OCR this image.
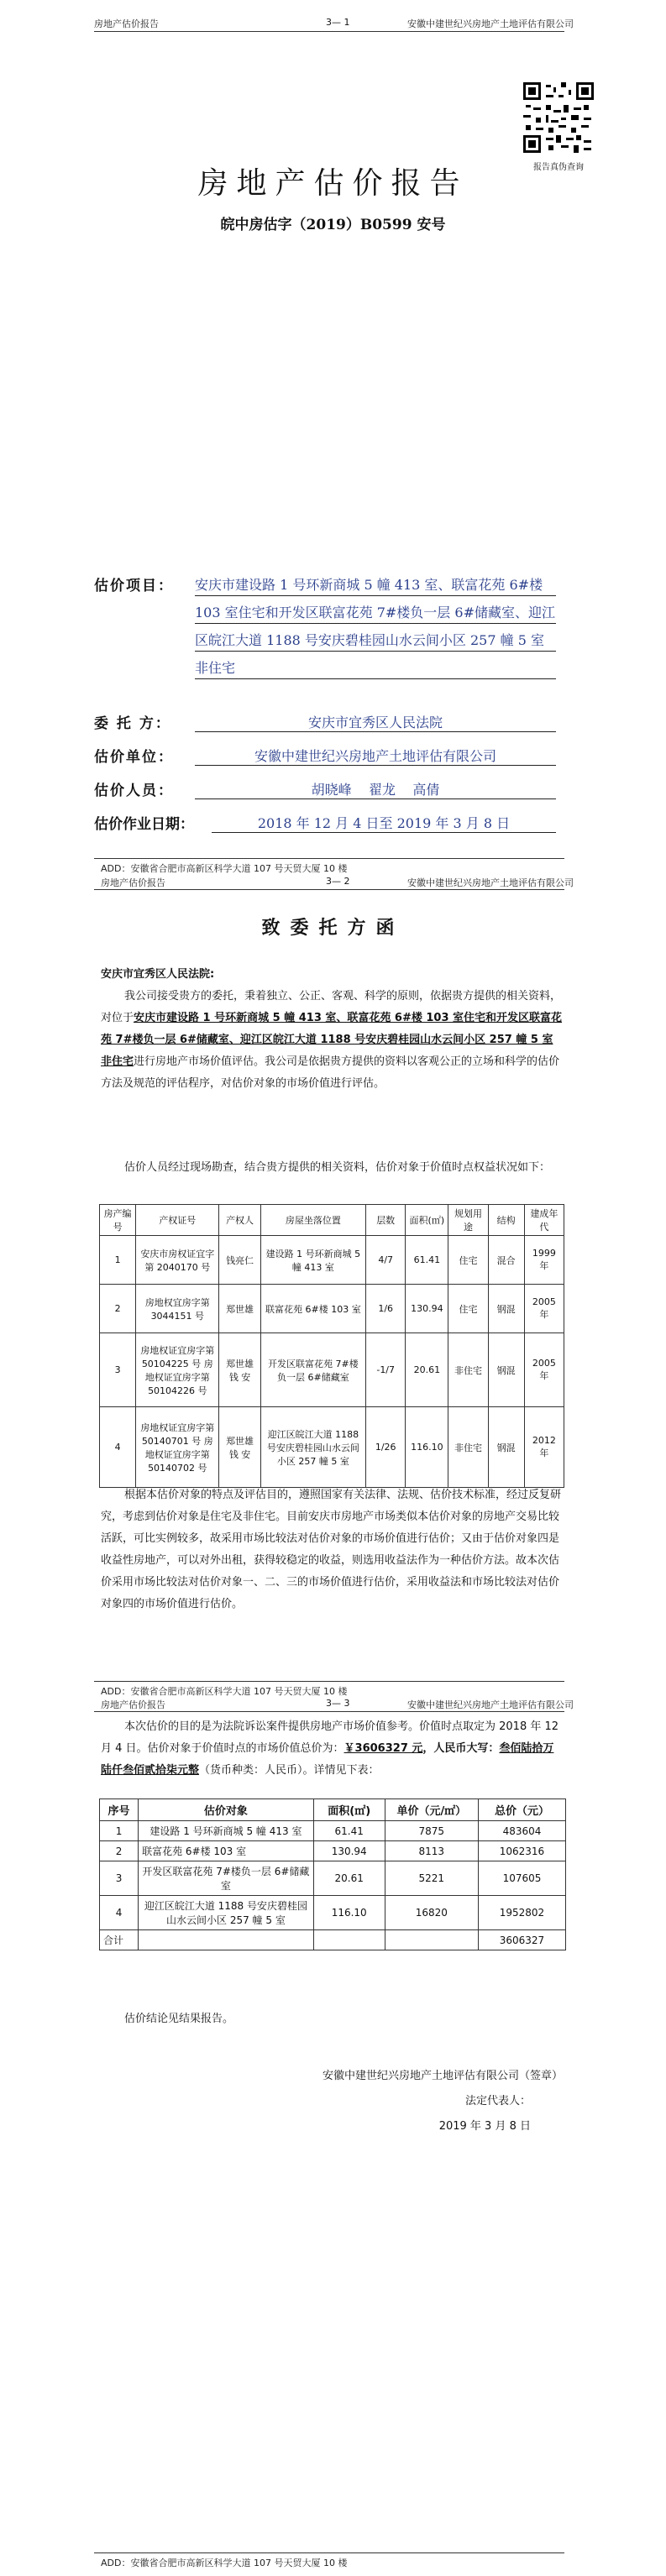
房地产估价报告	3— 1	安徽中建世纪兴房地产土地评估有限公司
报告真伪查询
房地产估价报告
皖中房估字（2019）B0599 安号
估价项目： 安庆市建设路 1 号环新商城 5 幢 413 室、联富花苑 6#楼 103 室住宅和开发区联富花苑 7#楼负一层 6#储藏室、迎江区皖江大道 1188 号安庆碧桂园山水云间小区 257 幢 5 室非住宅
委 托 方：	安庆市宜秀区人民法院
估价单位：	安徽中建世纪兴房地产土地评估有限公司
估价人员：	胡晓峰    翟龙    高倩
估价作业日期：	2018 年 12 月 4 日至 2019 年 3 月 8 日
ADD：安徽省合肥市高新区科学大道 107 号天贸大厦 10 楼
房地产估价报告	3— 2	安徽中建世纪兴房地产土地评估有限公司
致委托方函
安庆市宜秀区人民法院:
我公司接受贵方的委托，秉着独立、公正、客观、科学的原则，依据贵方提供的相关资料，对位于安庆市建设路 1 号环新商城 5 幢 413 室、联富花苑 6#楼 103 室住宅和开发区联富花苑 7#楼负一层 6#储藏室、迎江区皖江大道 1188 号安庆碧桂园山水云间小区 257 幢 5 室非住宅进行房地产市场价值评估。我公司是依据贵方提供的资料以客观公正的立场和科学的估价方法及规范的评估程序，对估价对象的市场价值进行评估。
估价人员经过现场勘查，结合贵方提供的相关资料，估价对象于价值时点权益状况如下：
房产编号	产权证号	产权人	房屋坐落位置	层数	面积(㎡)	规划用途	结构	建成年代
1	安庆市房权证宜字第 2040170 号	钱亮仁	建设路 1 号环新商城 5 幢 413 室	4/7	61.41	住宅	混合	1999 年
2	房地权宜房字第 3044151 号	郑世雄	联富花苑 6#楼 103 室	1/6	130.94	住宅	钢混	2005 年
3	房地权证宜房字第 50104225 号 房地权证宜房字第 50104226 号	郑世雄 钱 安	开发区联富花苑 7#楼负一层 6#储藏室	-1/7	20.61	非住宅	钢混	2005 年
4	房地权证宜房字第 50140701 号 房地权证宜房字第 50140702 号	郑世雄 钱 安	迎江区皖江大道 1188 号安庆碧桂园山水云间小区 257 幢 5 室	1/26	116.10	非住宅	钢混	2012 年
根据本估价对象的特点及评估目的，遵照国家有关法律、法规、估价技术标准，经过反复研究，考虑到估价对象是住宅及非住宅。目前安庆市房地产市场类似本估价对象的房地产交易比较活跃，可比实例较多，故采用市场比较法对估价对象的市场价值进行估价；又由于估价对象四是收益性房地产，可以对外出租，获得较稳定的收益，则选用收益法作为一种估价方法。故本次估价采用市场比较法对估价对象一、二、三的市场价值进行估价，采用收益法和市场比较法对估价对象四的市场价值进行估价。
ADD：安徽省合肥市高新区科学大道 107 号天贸大厦 10 楼
房地产估价报告	3— 3	安徽中建世纪兴房地产土地评估有限公司
本次估价的目的是为法院诉讼案件提供房地产市场价值参考。价值时点取定为 2018 年 12 月 4 日。估价对象于价值时点的市场价值总价为：￥3606327 元，人民币大写：叁佰陆拾万陆仟叁佰贰拾柒元整（货币种类：人民币）。详情见下表：
序号	估价对象	面积(㎡)	单价（元/㎡）	总价（元）
1	建设路 1 号环新商城 5 幢 413 室	61.41	7875	483604
2	联富花苑 6#楼 103 室	130.94	8113	1062316
3	开发区联富花苑 7#楼负一层 6#储藏室	20.61	5221	107605
4	迎江区皖江大道 1188 号安庆碧桂园山水云间小区 257 幢 5 室	116.10	16820	1952802
合计				3606327
估价结论见结果报告。
安徽中建世纪兴房地产土地评估有限公司（签章）
法定代表人：
2019 年 3 月 8 日
ADD：安徽省合肥市高新区科学大道 107 号天贸大厦 10 楼
